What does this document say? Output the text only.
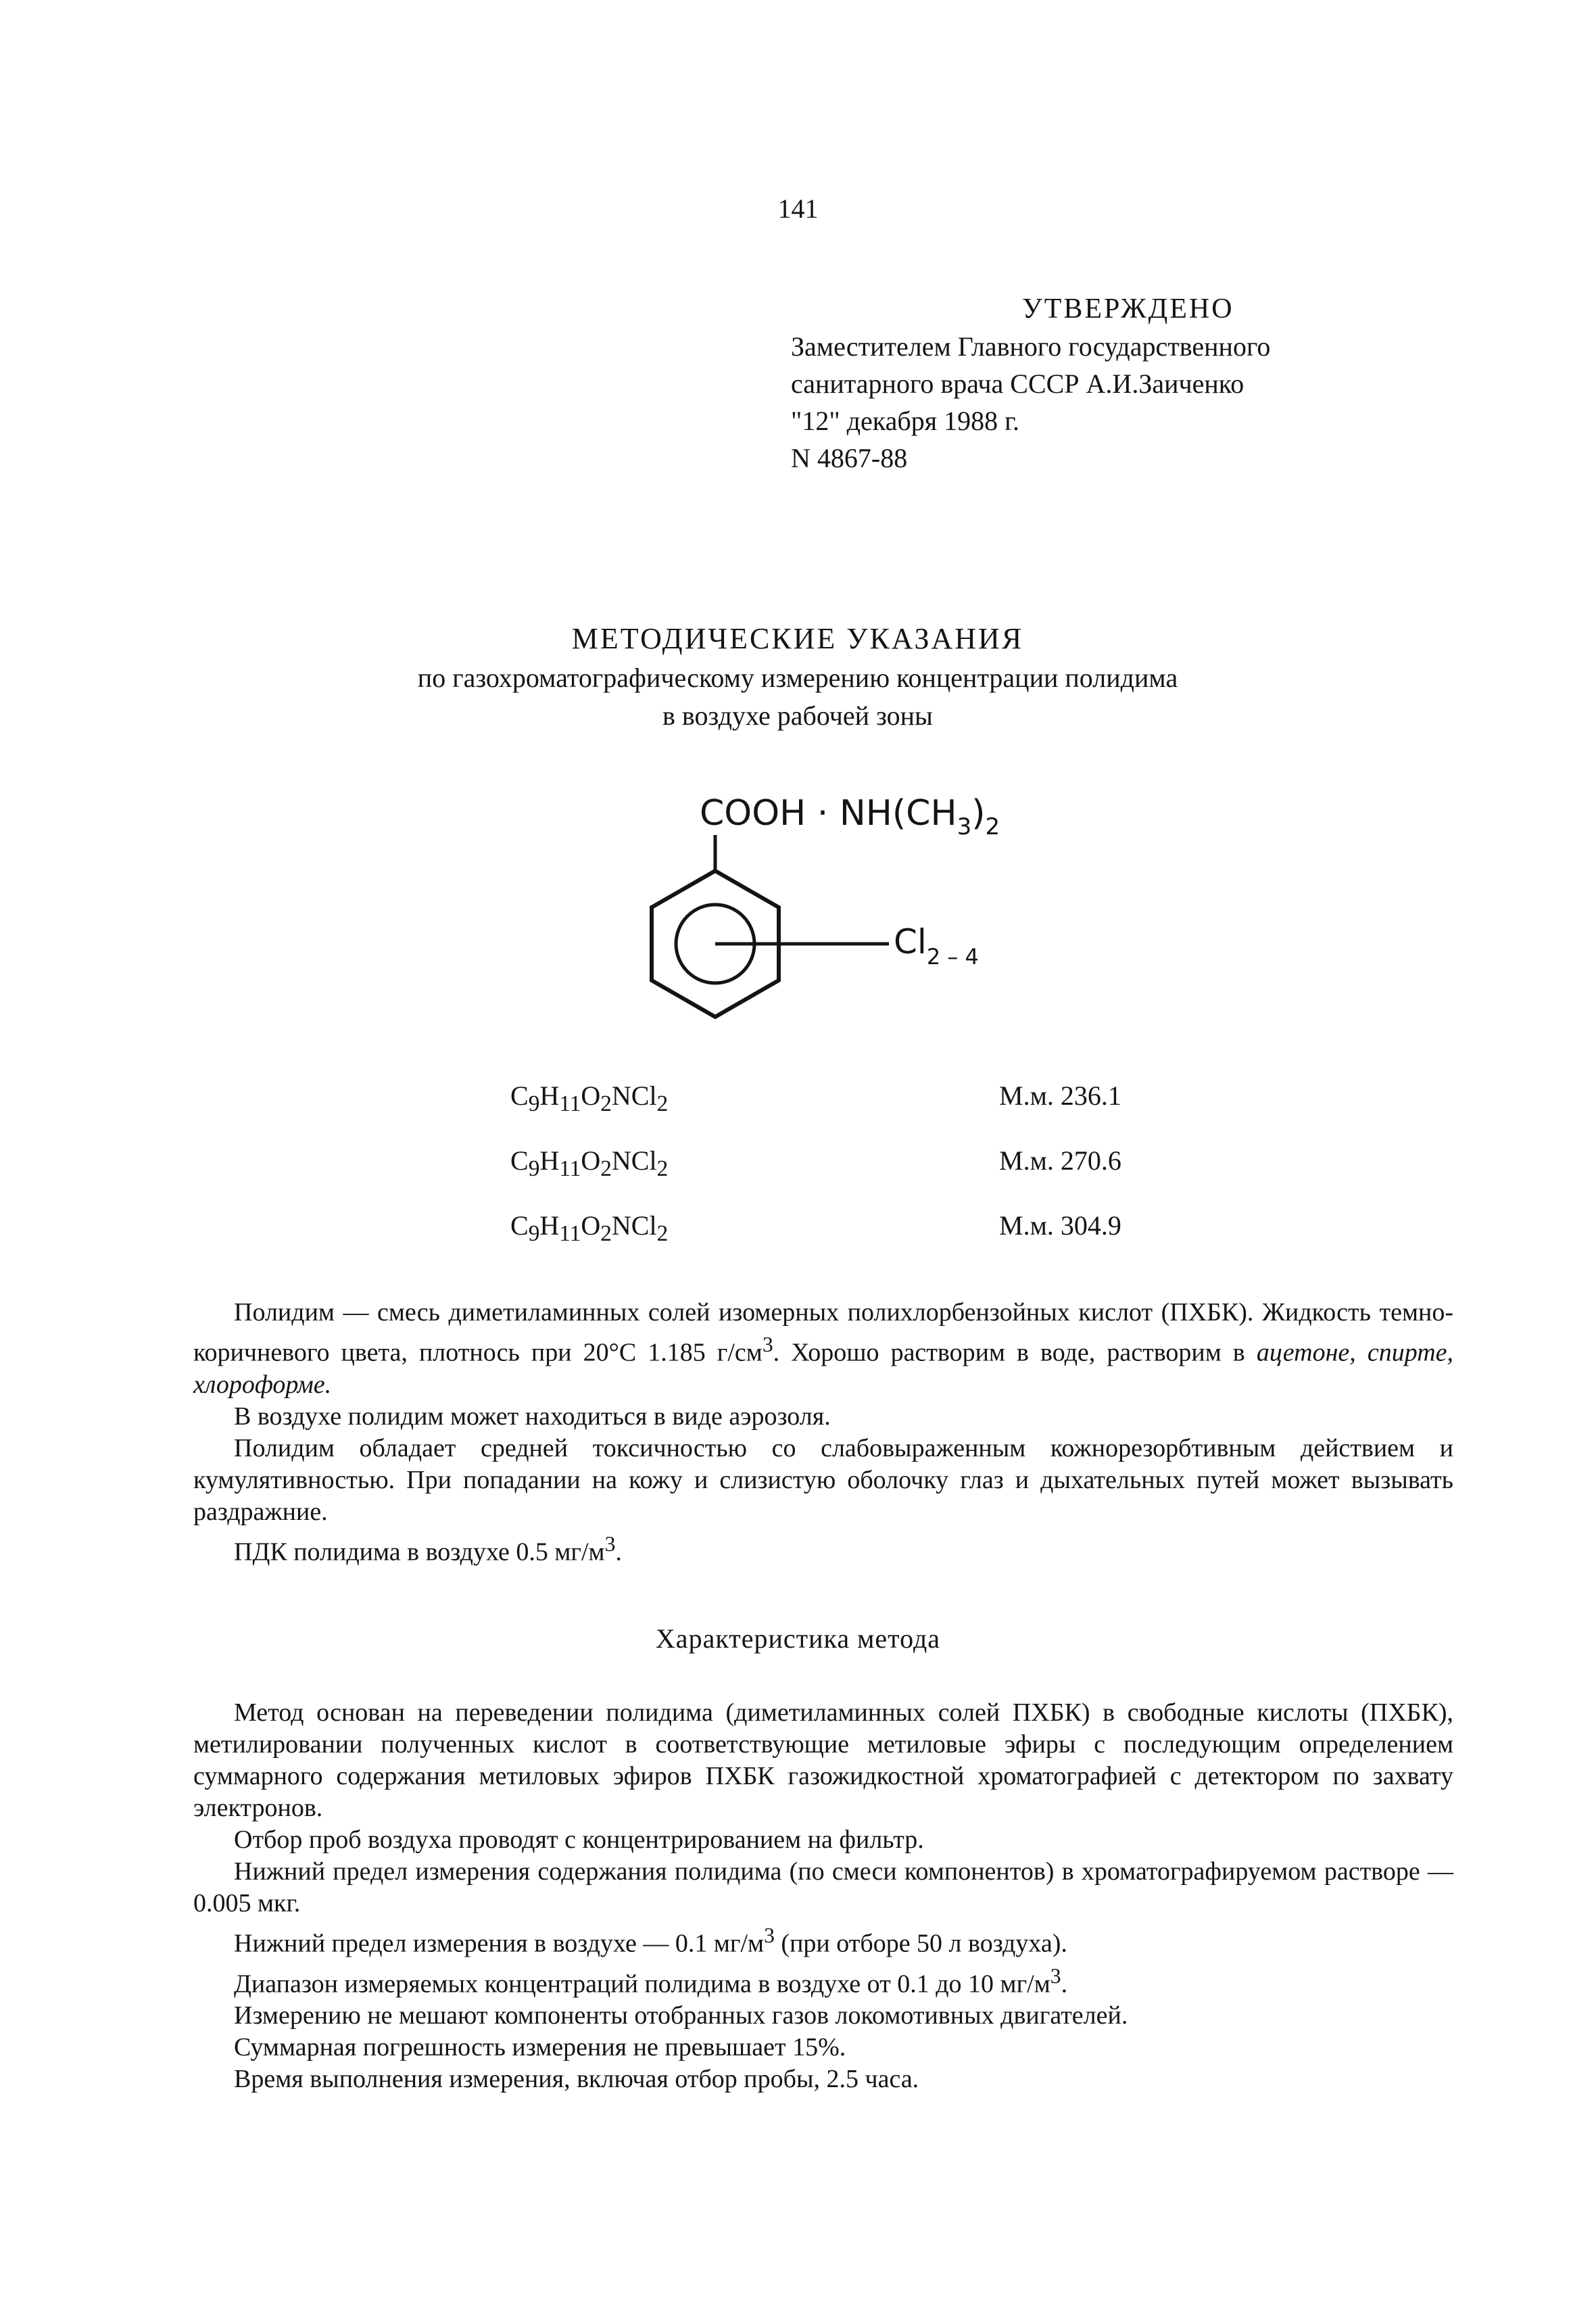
141
УТВЕРЖДЕНО
Заместителем Главного государственного
санитарного врача СССР А.И.Заиченко
"12" декабря 1988 г.
N 4867-88
МЕТОДИЧЕСКИЕ УКАЗАНИЯ
по газохроматографическому измерению концентрации полидима
в воздухе рабочей зоны
COOH · $NH(CH_3)_2$
$Cl_{2 - 4}$
$C_9H_{11}O_2NCl_2$	М.м. 236.1
$C_9H_{11}O_2NCl_2$	М.м. 270.6
$C_9H_{11}O_2NCl_2$	М.м. 304.9

Полидим — смесь диметиламинных солей изомерных полихлорбензойных кислот (ПХБК). Жидкость темно-коричневого цвета, плотнось при 20°С 1.185 $г/см^3$. Хорошо растворим в воде, растворим в ацетоне, спирте, хлороформе.

В воздухе полидим может находиться в виде аэрозоля.

Полидим обладает средней токсичностью со слабовыраженным кожнорезорбтивным действием и кумулятивностью. При попадании на кожу и слизистую оболочку глаз и дыхательных путей может вызывать раздражние.

ПДК полидима в воздухе 0.5 $мг/м^3$.

Характеристика метода

Метод основан на переведении полидима (диметиламинных солей ПХБК) в свободные кислоты (ПХБК), метилировании полученных кислот в соответствующие метиловые эфиры с последующим определением суммарного содержания метиловых эфиров ПХБК газожидкостной хроматографией с детектором по захвату электронов.

Отбор проб воздуха проводят с концентрированием на фильтр.

Нижний предел измерения содержания полидима (по смеси компонентов) в хроматографируемом растворе — 0.005 мкг.

Нижний предел измерения в воздухе — 0.1 $мг/м^3$ (при отборе 50 л воздуха).

Диапазон измеряемых концентраций полидима в воздухе от 0.1 до 10 $мг/м^3$.

Измерению не мешают компоненты отобранных газов локомотивных двигателей.

Суммарная погрешность измерения не превышает 15%.

Время выполнения измерения, включая отбор пробы, 2.5 часа.
